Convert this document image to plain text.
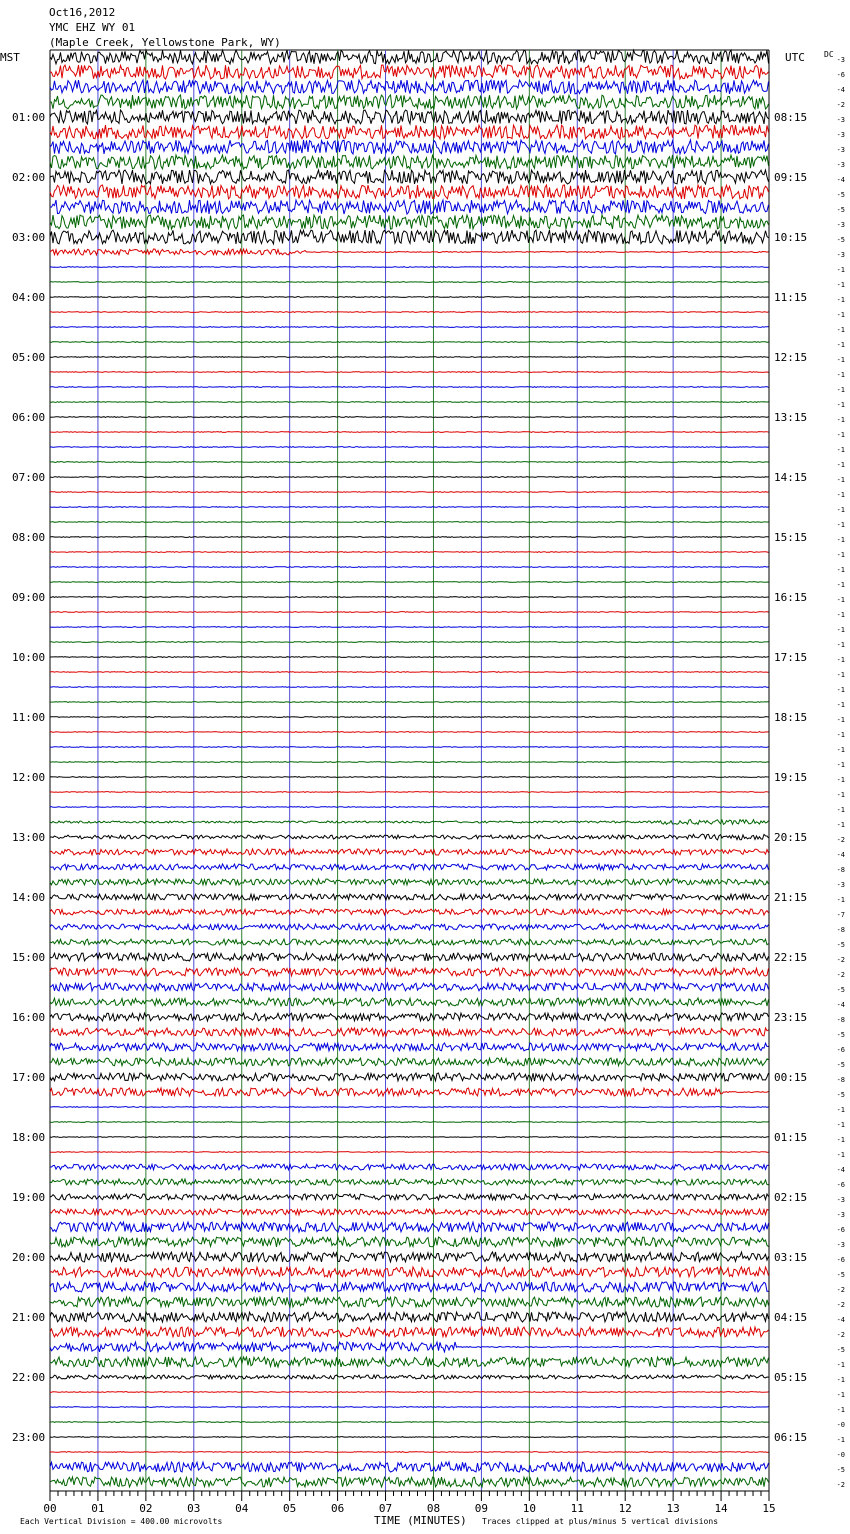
Oct16,2012
YMC EHZ WY 01
(Maple Creek, Yellowstone Park, WY)
MST	UTC DC
-3
-6
-4
-2
-3
-3
-3
-3
-4
-5
-5
-3
-5
-3
-1
-1
-1
-1
-1
-1
-1
-1
-1
-1
-1
-1
-1
-1
-1
-1
-1
-1
-1
-1
-1
-1
-1
-1
-1
-1
-1
-1
-1
-1
-1
-1
-1
-1
-1
-1
-1
-1
-2
-4
-8
-3
-1
-7
-8
-5
-2
-2
-5
-4
-8
-5
-6
-5
-8
-5
-1
-1
-1
-1
-4
-6
-3
-3
-6
-3
-6
-5
-2
-2
-4
-2
-5
-1
-1
-1
-1
-0
-1
-0
-5
-2
01:00
02:00
03:00
04:00
05:00
06:00
07:00
08:00
09:00
10:00
11:00
12:00
13:00
14:00
15:00
16:00
17:00
18:00
19:00
20:00
21:00
22:00
23:00
08:15
09:15
10:15
11:15
12:15
13:15
14:15
15:15
16:15
17:15
18:15
19:15
20:15
21:15
22:15
23:15
00:15
01:15
02:15
03:15
04:15
05:15
06:15
00	01	02	03	04	05	06	07	08	09	10	11	12	13	14	15
Each Vertical Division = 400.00 microvolts	TIME (MINUTES) Traces clipped at plus/minus 5 vertical divisions
